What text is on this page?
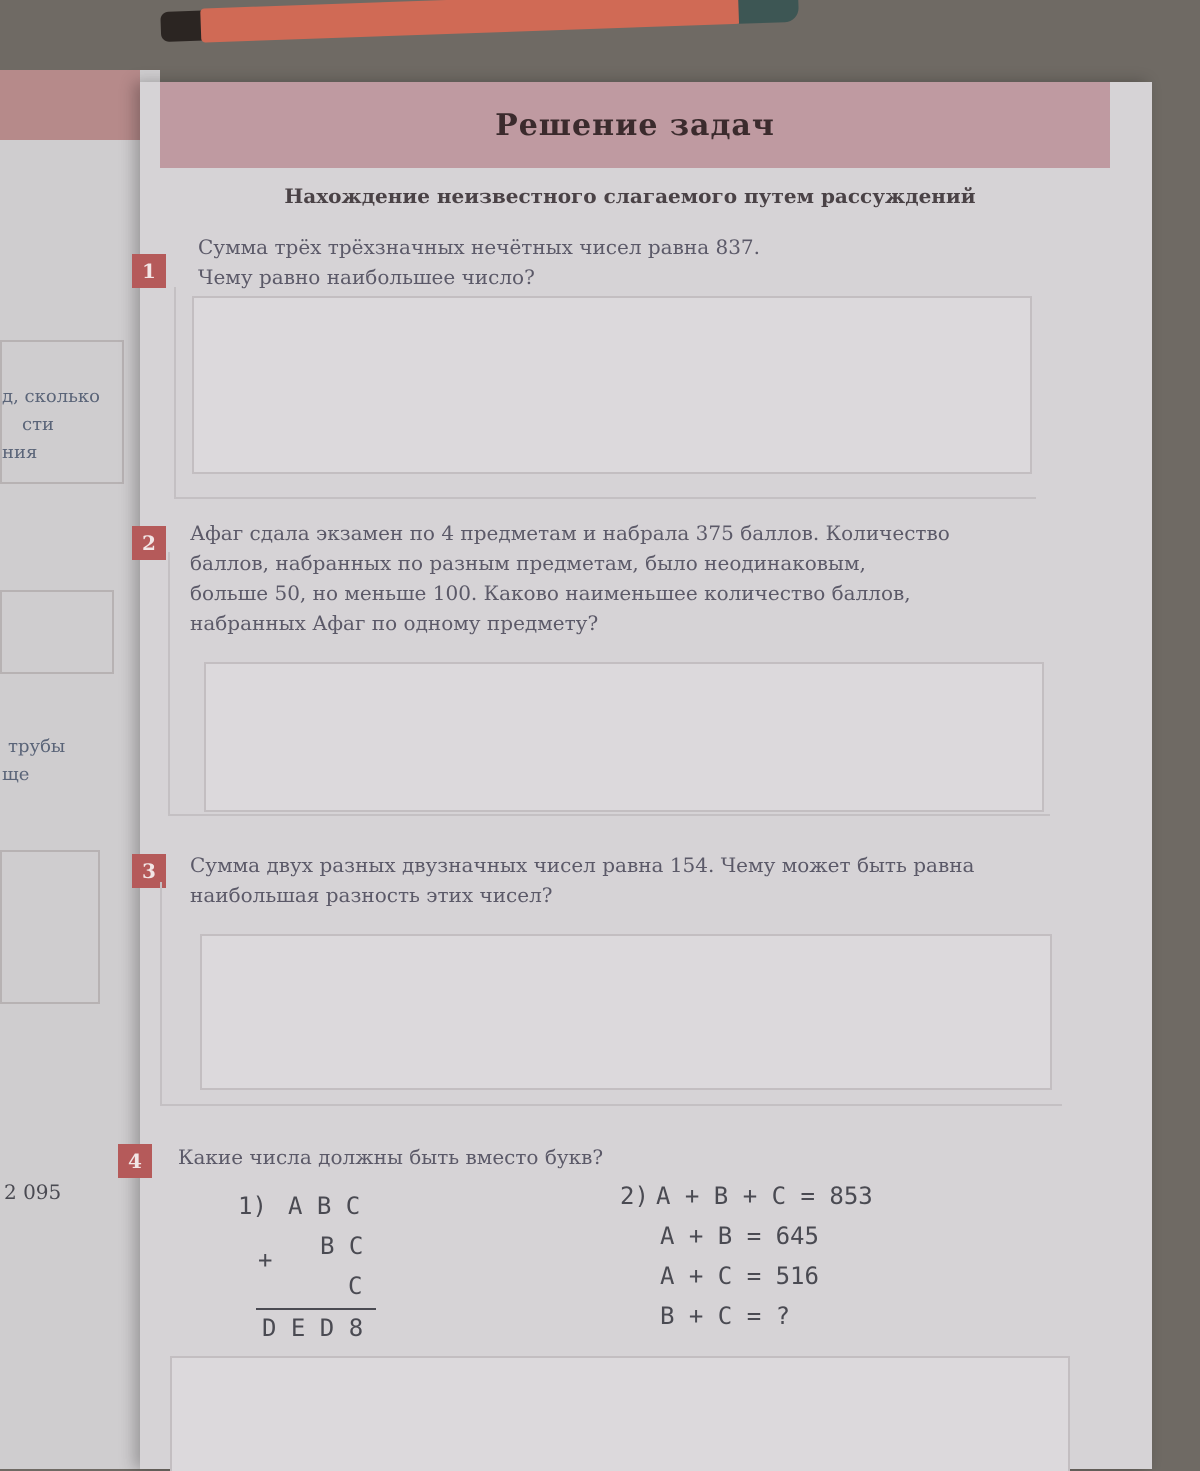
д, сколько
сти
ния
трубы
ще
2 095
Решение задач
Нахождение неизвестного слагаемого путем рассуждений
1
Сумма трёх трёхзначных нечётных чисел равна 837.
Чему равно наибольшее число?
2	Афаг сдала экзамен по 4 предметам и набрала 375 баллов. Количество
баллов, набранных по разным предметам, было неодинаковым,
больше 50, но меньше 100. Каково наименьшее количество баллов,
набранных Афаг по одному предмету?
3	Сумма двух разных двузначных чисел равна 154. Чему может быть равна
наибольшая разность этих чисел?
4	Какие числа должны быть вместо букв?
1) A B C
+ B C
C
D E D 8
2) A + B + C = 853
A + B = 645
A + C = 516
B + C = ?
